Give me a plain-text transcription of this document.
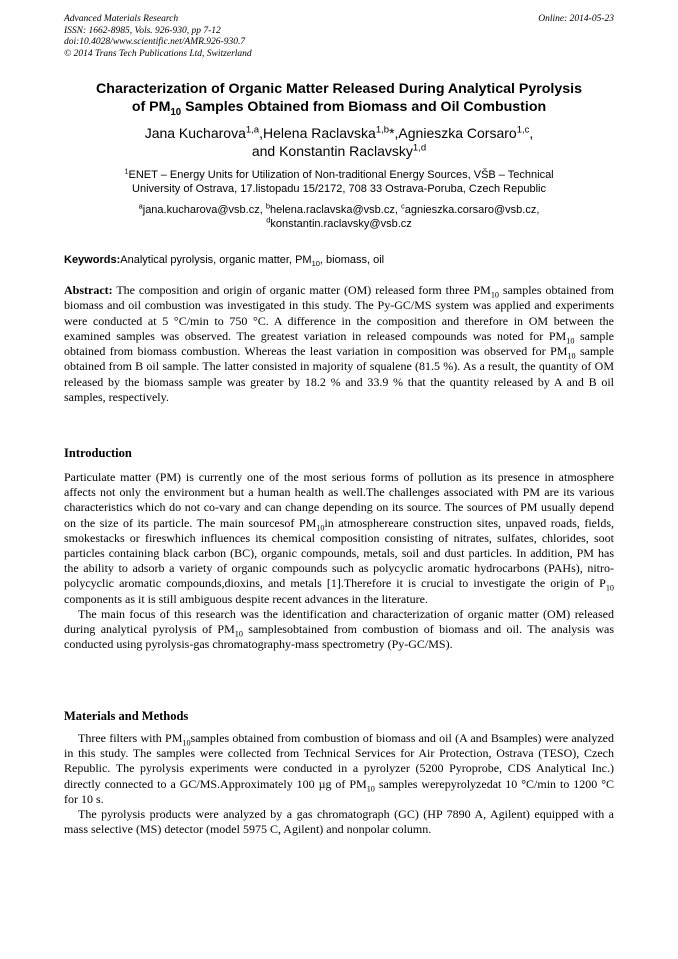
Advanced Materials Research
ISSN: 1662-8985, Vols. 926-930, pp 7-12
doi:10.4028/www.scientific.net/AMR.926-930.7
© 2014 Trans Tech Publications Ltd, Switzerland
Online: 2014-05-23
Characterization of Organic Matter Released During Analytical Pyrolysis
of $PM_{10}$ Samples Obtained from Biomass and Oil Combustion
Jana Kucharova$^{1,a}$,Helena Raclavska$^{1,b}$*,Agnieszka Corsaro$^{1,c}$,
and Konstantin Raclavsky$^{1,d}$
$^1$ENET – Energy Units for Utilization of Non-traditional Energy Sources, VŠB – Technical
University of Ostrava, 17.listopadu 15/2172, 708 33 Ostrava-Poruba, Czech Republic
$^a$jana.kucharova@vsb.cz, $^b$helena.raclavska@vsb.cz, $^c$agnieszka.corsaro@vsb.cz,
$^d$konstantin.raclavsky@vsb.cz
Keywords:Analytical pyrolysis, organic matter, $PM_{10}$, biomass, oil

Abstract: The composition and origin of organic matter (OM) released form three $PM_{10}$ samples obtained from biomass and oil combustion was investigated in this study. The Py-GC/MS system was applied and experiments were conducted at 5 °C/min to 750 °C. A difference in the composition and therefore in OM between the examined samples was observed. The greatest variation in released compounds was noted for $PM_{10}$ sample obtained from biomass combustion. Whereas the least variation in composition was observed for $PM_{10}$ sample obtained from B oil sample. The latter consisted in majority of squalene (81.5 %). As a result, the quantity of OM released by the biomass sample was greater by 18.2 % and 33.9 % that the quantity released by A and B oil samples, respectively.

Introduction

Particulate matter (PM) is currently one of the most serious forms of pollution as its presence in atmosphere affects not only the environment but a human health as well.The challenges associated with PM are its various characteristics which do not co-vary and can change depending on its source. The sources of PM usually depend on the size of its particle. The main sourcesof $PM_{10}in$ atmosphereare construction sites, unpaved roads, fields, smokestacks or fireswhich influences its chemical composition consisting of nitrates, sulfates, chlorides, soot particles containing black carbon (BC), organic compounds, metals, soil and dust particles. In addition, PM has the ability to adsorb a variety of organic compounds such as polycyclic aromatic hydrocarbons (PAHs), nitro-polycyclic aromatic compounds,dioxins, and metals [1].Therefore it is crucial to investigate the origin of $P_{10}$ components as it is still ambiguous despite recent advances in the literature.

The main focus of this research was the identification and characterization of organic matter (OM) released during analytical pyrolysis of $PM_{10}$ samplesobtained from combustion of biomass and oil. The analysis was conducted using pyrolysis-gas chromatography-mass spectrometry (Py-GC/MS).

Materials and Methods

Three filters with $PM_{10}samples$ obtained from combustion of biomass and oil (A and Bsamples) were analyzed in this study. The samples were collected from Technical Services for Air Protection, Ostrava (TESO), Czech Republic. The pyrolysis experiments were conducted in a pyrolyzer (5200 Pyroprobe, CDS Analytical Inc.) directly connected to a GC/MS.Approximately 100 µg of $PM_{10}$ samples werepyrolyzedat 10 °C/min to 1200 °C for 10 s.

The pyrolysis products were analyzed by a gas chromatograph (GC) (HP 7890 A, Agilent) equipped with a mass selective (MS) detector (model 5975 C, Agilent) and nonpolar column.
